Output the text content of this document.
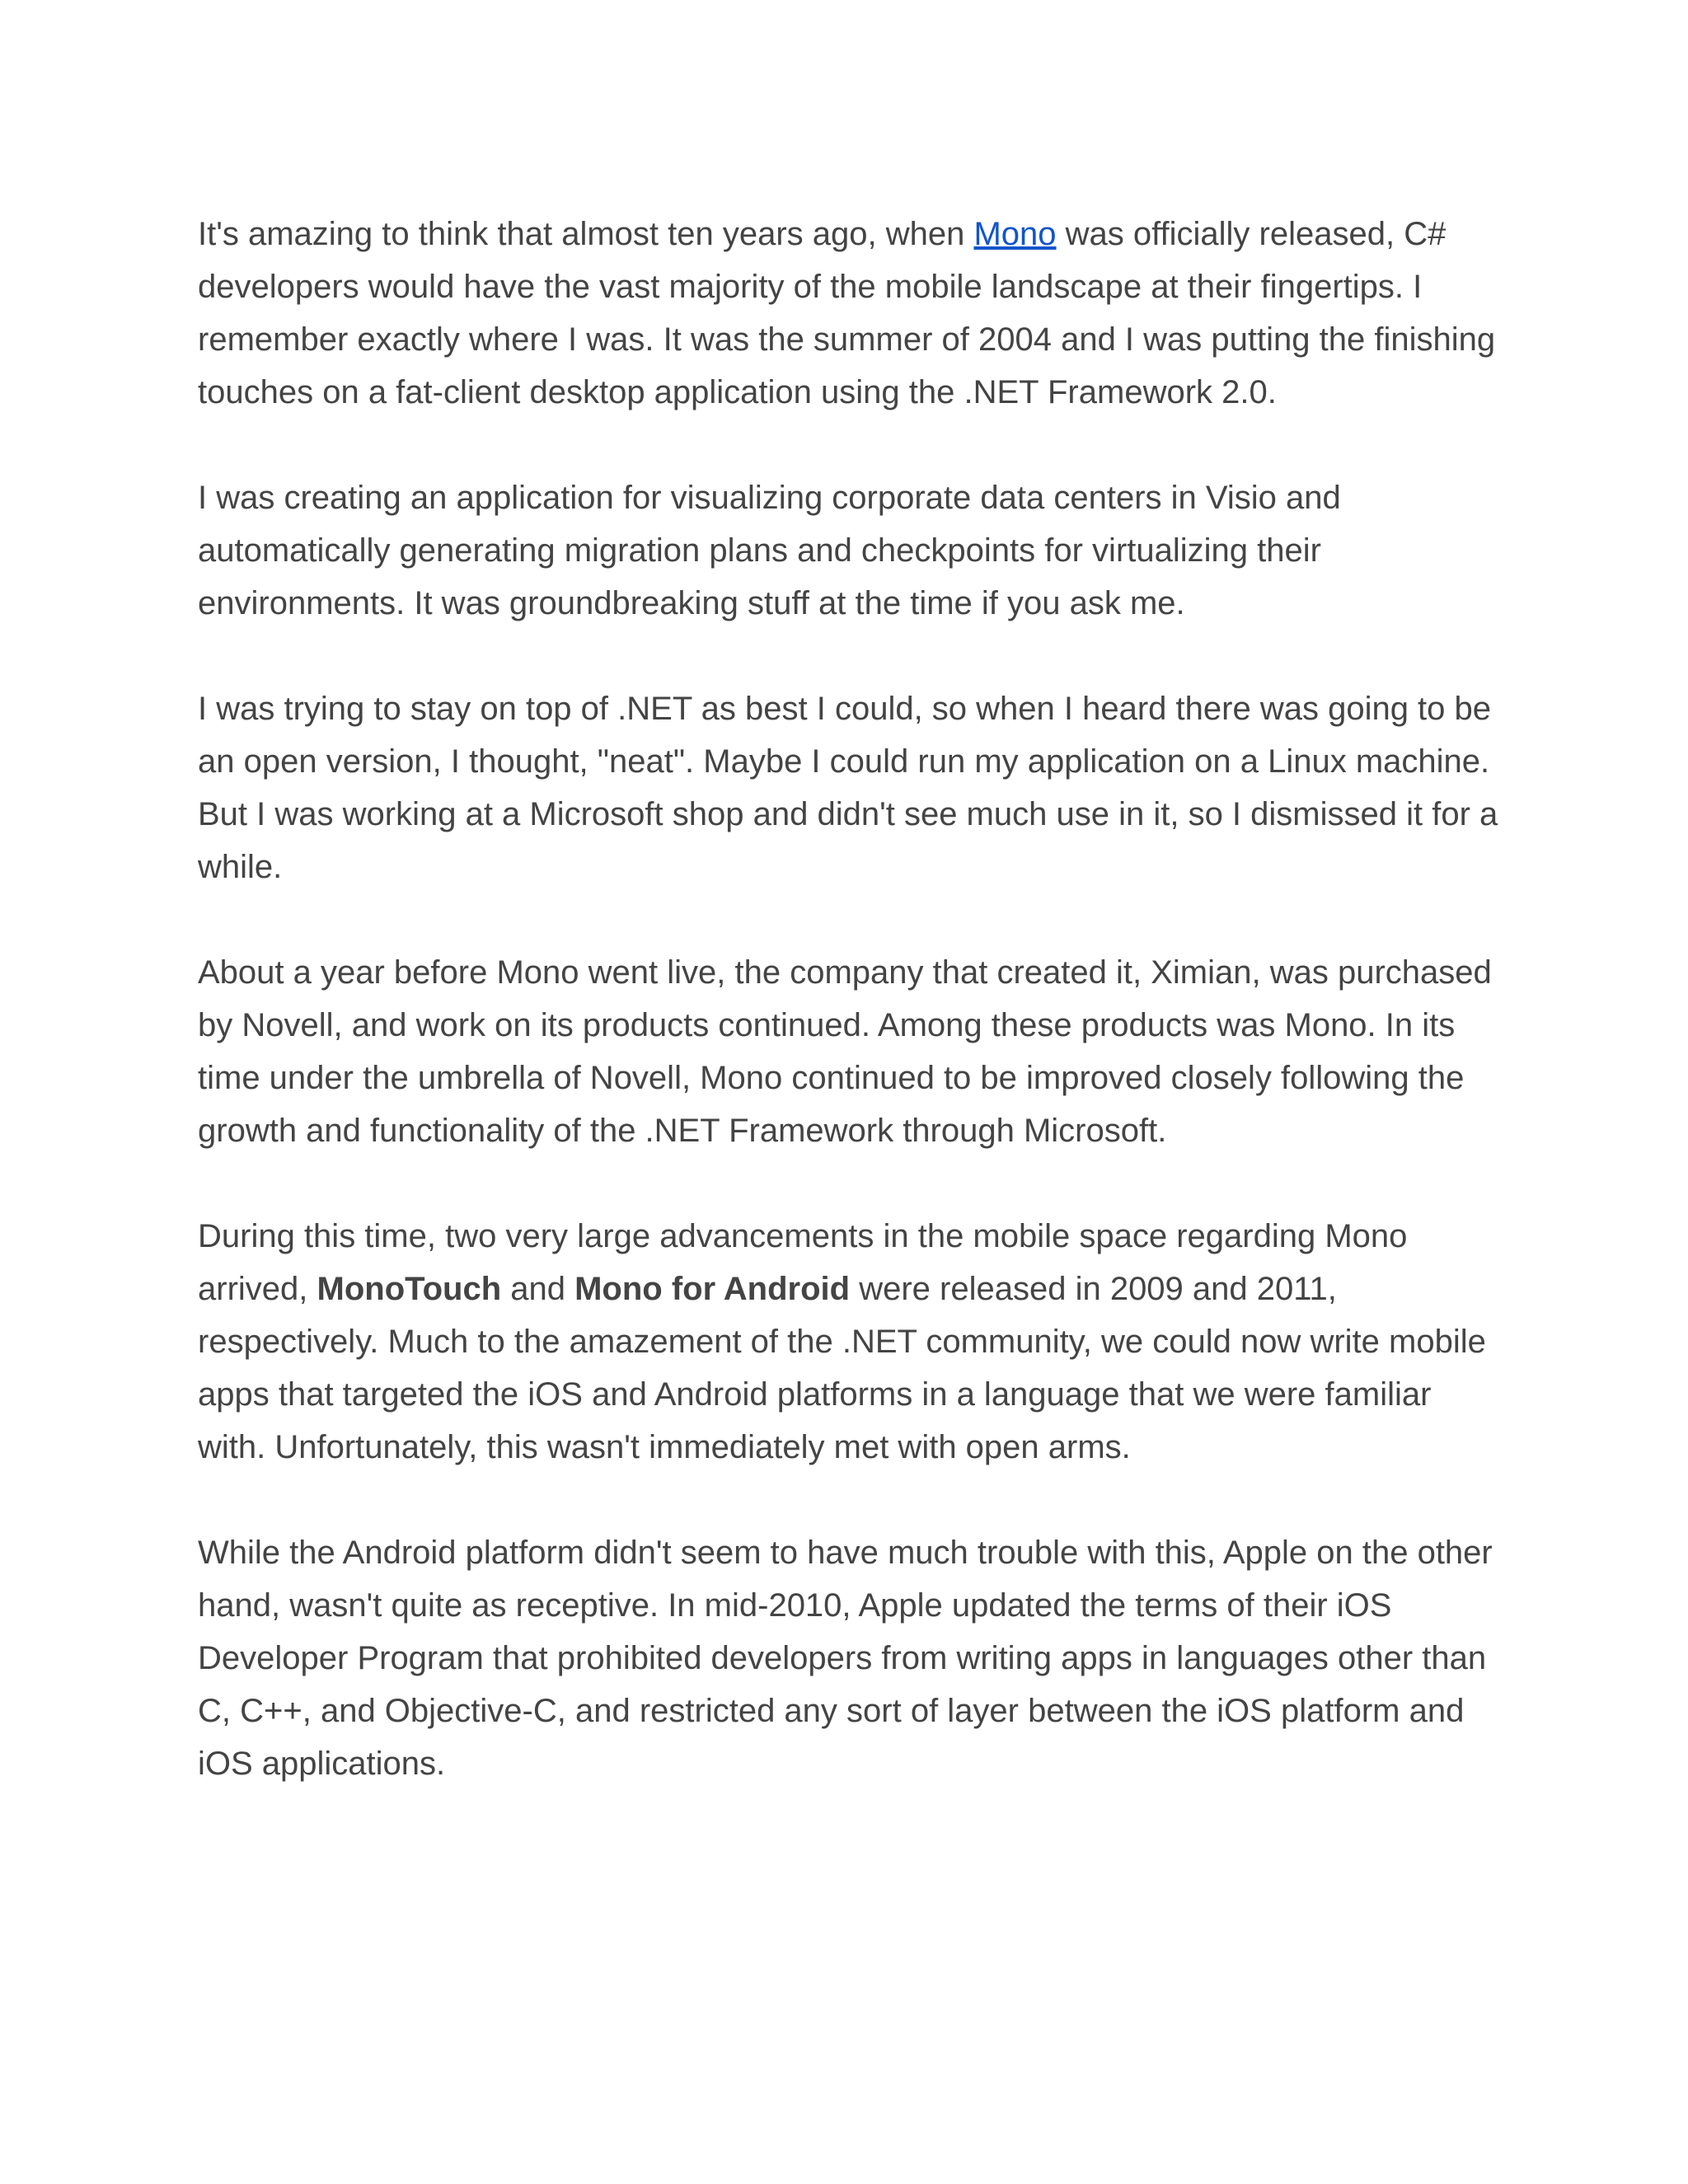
It's amazing to think that almost ten years ago, when Mono was officially released, C# developers would have the vast majority of the mobile landscape at their fingertips. I remember exactly where I was. It was the summer of 2004 and I was putting the finishing touches on a fat-client desktop application using the .NET Framework 2.0.

I was creating an application for visualizing corporate data centers in Visio and automatically generating migration plans and checkpoints for virtualizing their environments. It was groundbreaking stuff at the time if you ask me.

I was trying to stay on top of .NET as best I could, so when I heard there was going to be an open version, I thought, "neat". Maybe I could run my application on a Linux machine. But I was working at a Microsoft shop and didn't see much use in it, so I dismissed it for a while.

About a year before Mono went live, the company that created it, Ximian, was purchased by Novell, and work on its products continued. Among these products was Mono. In its time under the umbrella of Novell, Mono continued to be improved closely following the growth and functionality of the .NET Framework through Microsoft.

During this time, two very large advancements in the mobile space regarding Mono arrived, MonoTouch and Mono for Android were released in 2009 and 2011, respectively. Much to the amazement of the .NET community, we could now write mobile apps that targeted the iOS and Android platforms in a language that we were familiar with. Unfortunately, this wasn't immediately met with open arms.

While the Android platform didn't seem to have much trouble with this, Apple on the other hand, wasn't quite as receptive. In mid-2010, Apple updated the terms of their iOS Developer Program that prohibited developers from writing apps in languages other than C, C++, and Objective-C, and restricted any sort of layer between the iOS platform and iOS applications.
